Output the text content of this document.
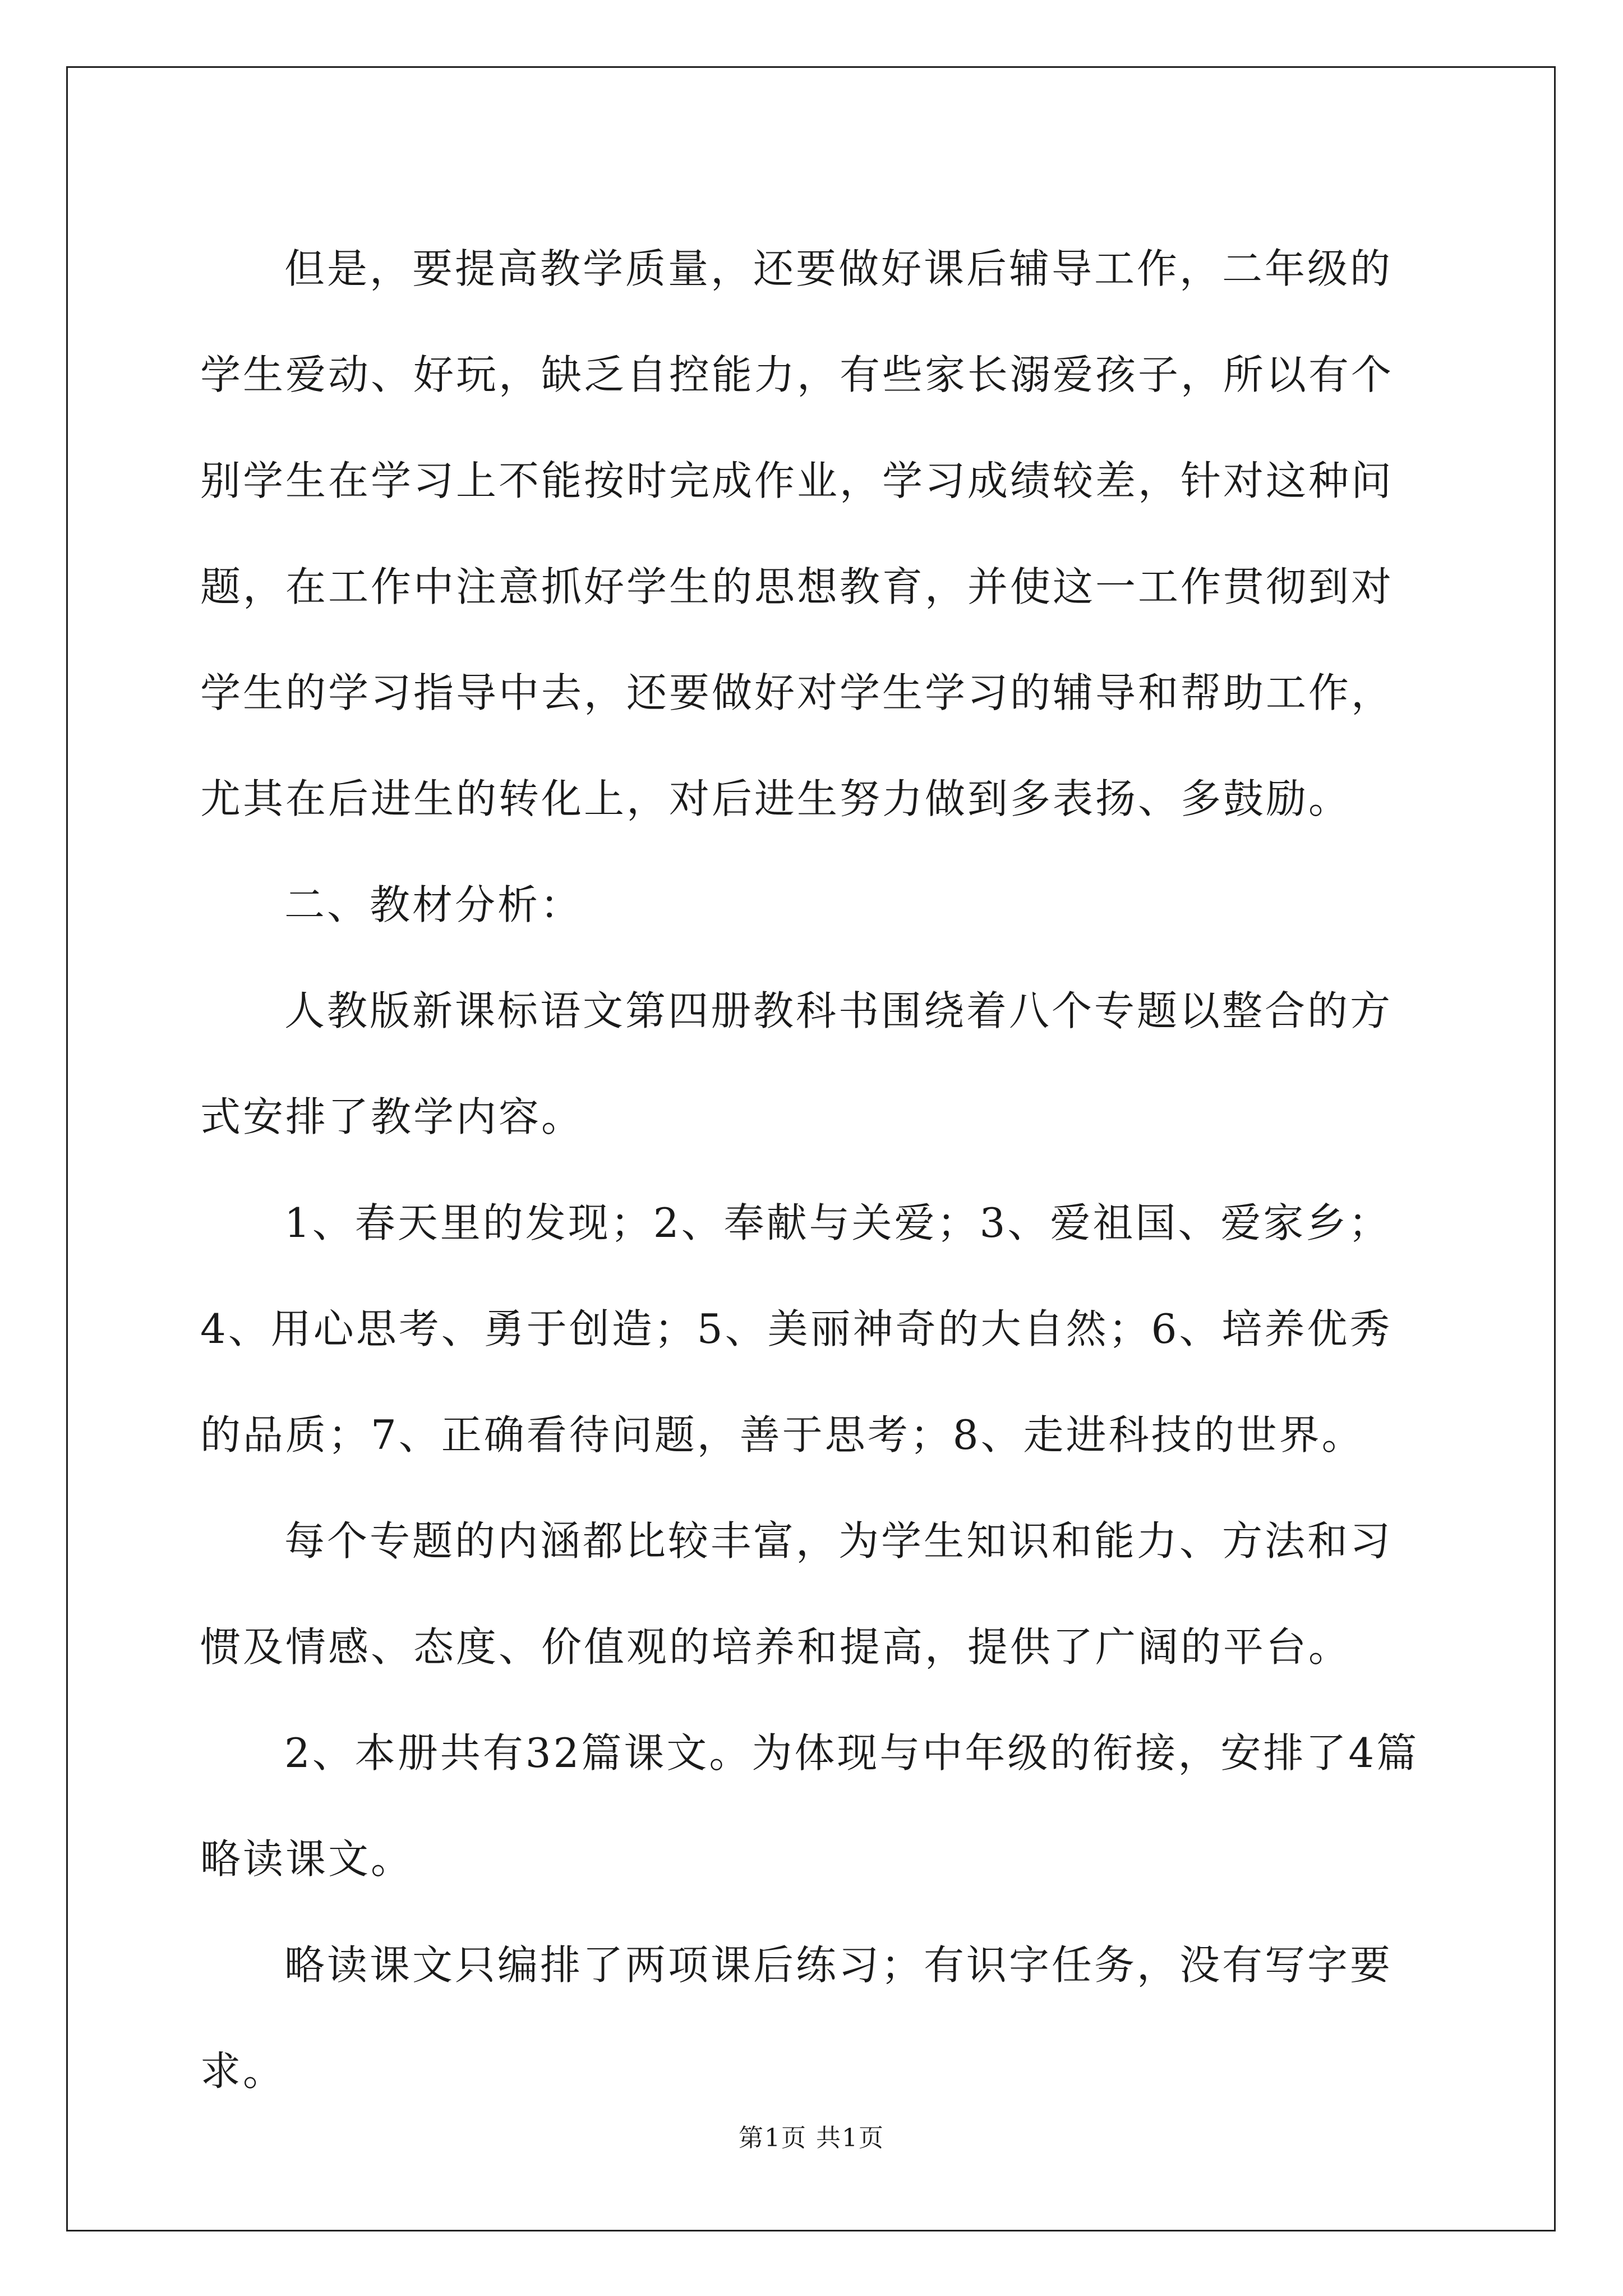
但是，要提高教学质量，还要做好课后辅导工作，二年级的学生爱动、好玩，缺乏自控能力，有些家长溺爱孩子，所以有个别学生在学习上不能按时完成作业，学习成绩较差，针对这种问题，在工作中注意抓好学生的思想教育，并使这一工作贯彻到对学生的学习指导中去，还要做好对学生学习的辅导和帮助工作，尤其在后进生的转化上，对后进生努力做到多表扬、多鼓励。

二、教材分析：

人教版新课标语文第四册教科书围绕着八个专题以整合的方式安排了教学内容。

1、春天里的发现；2、奉献与关爱；3、爱祖国、爱家乡；4、用心思考、勇于创造；5、美丽神奇的大自然；6、培养优秀的品质；7、正确看待问题，善于思考；8、走进科技的世界。

每个专题的内涵都比较丰富，为学生知识和能力、方法和习惯及情感、态度、价值观的培养和提高，提供了广阔的平台。

2、本册共有32篇课文。为体现与中年级的衔接，安排了4篇略读课文。

略读课文只编排了两项课后练习；有识字任务，没有写字要求。

第1页 共1页
